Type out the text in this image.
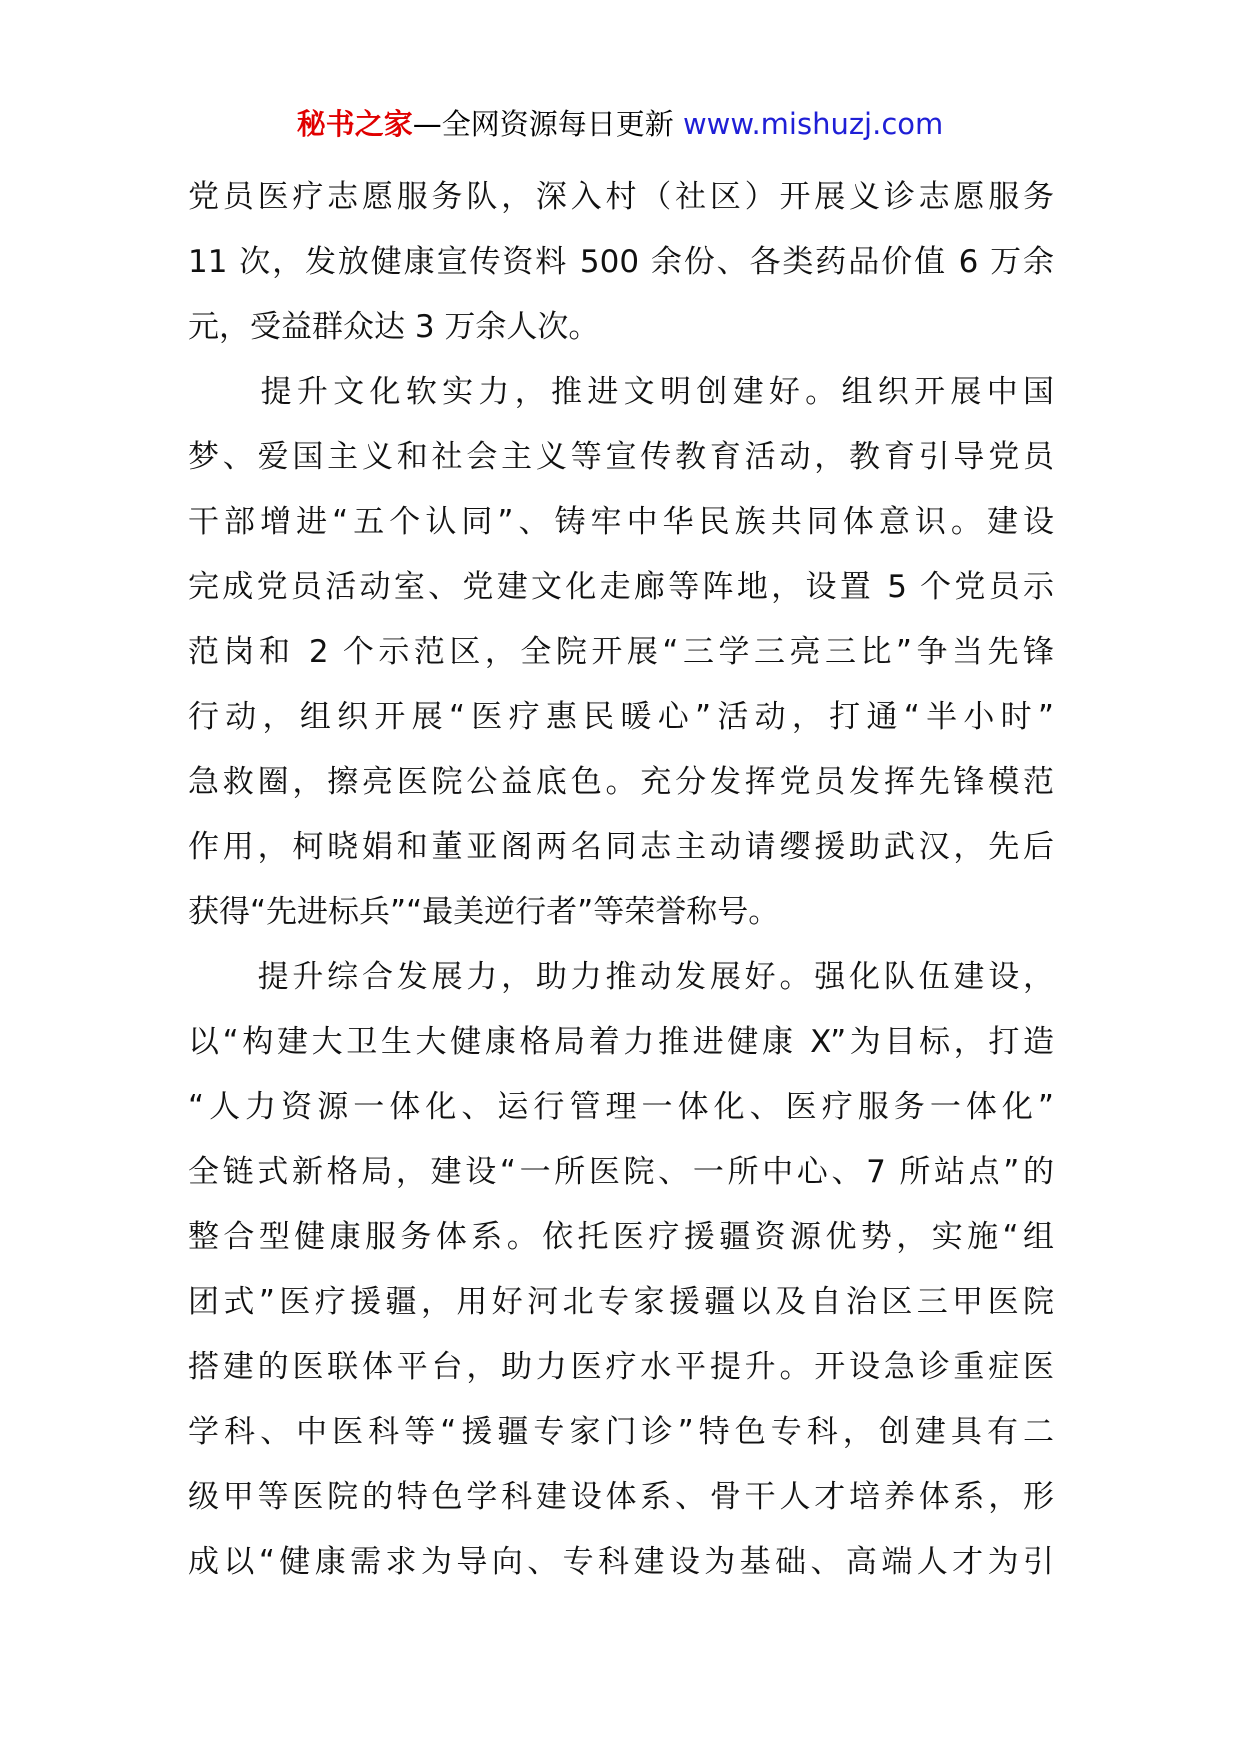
秘书之家—全网资源每日更新 www.mishuzj.com
党员医疗志愿服务队，深入村（社区）开展义诊志愿服务
11 次，发放健康宣传资料 500 余份、各类药品价值 6 万余
元，受益群众达 3 万余人次。
　　提升文化软实力，推进文明创建好。组织开展中国
梦、爱国主义和社会主义等宣传教育活动，教育引导党员
干部增进“五个认同”、铸牢中华民族共同体意识。建设
完成党员活动室、党建文化走廊等阵地，设置 5 个党员示
范岗和 2 个示范区，全院开展“三学三亮三比”争当先锋
行动，组织开展“医疗惠民暖心”活动，打通“半小时”
急救圈，擦亮医院公益底色。充分发挥党员发挥先锋模范
作用，柯晓娟和董亚阁两名同志主动请缨援助武汉，先后
获得“先进标兵”“最美逆行者”等荣誉称号。
　　提升综合发展力，助力推动发展好。强化队伍建设，
以“构建大卫生大健康格局着力推进健康 X”为目标，打造
“人力资源一体化、运行管理一体化、医疗服务一体化”
全链式新格局，建设“一所医院、一所中心、7 所站点”的
整合型健康服务体系。依托医疗援疆资源优势，实施“组
团式”医疗援疆，用好河北专家援疆以及自治区三甲医院
搭建的医联体平台，助力医疗水平提升。开设急诊重症医
学科、中医科等“援疆专家门诊”特色专科，创建具有二
级甲等医院的特色学科建设体系、骨干人才培养体系，形
成以“健康需求为导向、专科建设为基础、高端人才为引
